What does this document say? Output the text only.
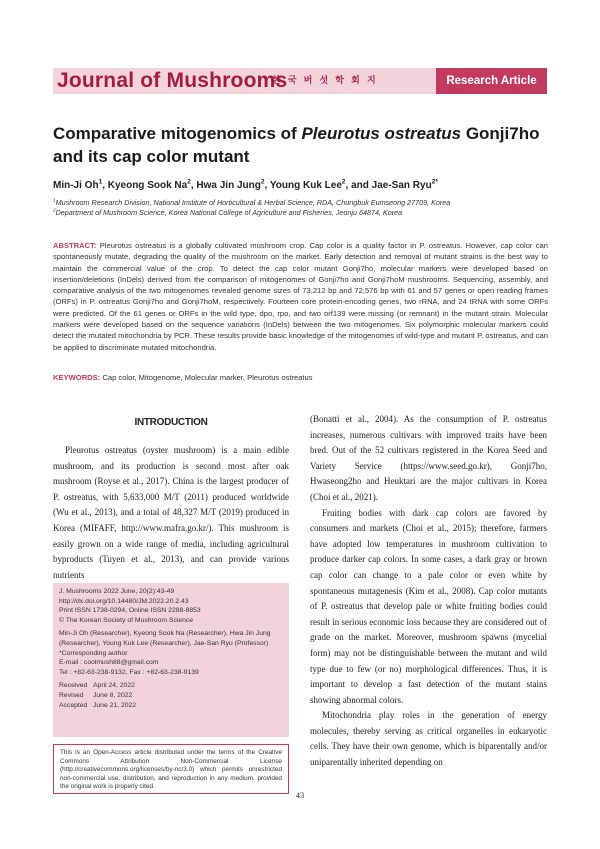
Journal of Mushrooms
한 국 버 섯 학 회 지	Research Article
Comparative mitogenomics of Pleurotus ostreatus Gonji7ho and its cap color mutant
Min-Ji Oh$^1$, Kyeong Sook Na$^2$, Hwa Jin Jung$^2$, Young Kuk Lee$^2$, and Jae-San Ryu$^{2*}$
$^1$Mushroom Research Division, National Institute of Horticultural & Herbal Science, RDA, Chungbuk Eumseong 27709, Korea
$^2$Department of Mushroom Science, Korea National College of Agriculture and Fisheries, Jeonju 64874, Korea
ABSTRACT: Pleurotus ostreatus is a globally cultivated mushroom crop. Cap color is a quality factor in P. ostreatus. However, cap color can spontaneously mutate, degrading the quality of the mushroom on the market. Early detection and removal of mutant strains is the best way to maintain the commercial value of the crop. To detect the cap color mutant Gonji7ho, molecular markers were developed based on insertion/deletions (InDels) derived from the comparison of mitogenomes of Gonji7ho and Gonji7hoM mushrooms. Sequencing, assembly, and comparative analysis of the two mitogenomes revealed genome sizes of 73,212 bp and 72,576 bp with 61 and 57 genes or open reading frames (ORFs) in P. ostreatus Gonji7ho and Gonji7hoM, respectively. Fourteen core protein-encoding genes, two rRNA, and 24 tRNA with some ORFs were predicted. Of the 61 genes or ORFs in the wild type, dpo, rpo, and two orf139 were missing (or remnant) in the mutant strain. Molecular markers were developed based on the sequence variations (InDels) between the two mitogenomes. Six polymorphic molecular markers could detect the mutated mitochondria by PCR. These results provide basic knowledge of the mitogenomes of wild-type and mutant P. ostreatus, and can be applied to discriminate mutated mitochondria.
KEYWORDS: Cap color, Mitogenome, Molecular marker, Pleurotus ostreatus
INTRODUCTION

Pleurotus ostreatus (oyster mushroom) is a main edible mushroom, and its production is second most after oak mushroom (Royse et al., 2017). China is the largest producer of P. ostreatus, with 5,633,000 M/T (2011) produced worldwide (Wu et al., 2013), and a total of 48,327 M/T (2019) produced in Korea (MIFAFF, http://www.mafra.go.kr/). This mushroom is easily grown on a wide range of media, including agricultural byproducts (Tuyen et al., 2013), and can provide various nutrients

(Bonatti et al., 2004). As the consumption of P. ostreatus increases, numerous cultivars with improved traits have been bred. Out of the 52 cultivars registered in the Korea Seed and Variety Service (https://www.seed.go.kr), Gonji7ho, Hwaseong2ho and Heuktari are the major cultivars in Korea (Choi et al., 2021).

Fruiting bodies with dark cap colors are favored by consumers and markets (Choi et al., 2015); therefore, farmers have adopted low temperatures in mushroom cultivation to produce darker cap colors. In some cases, a dark gray or brown cap color can change to a pale color or even white by spontaneous mutagenesis (Kim et al., 2008). Cap color mutants of P. ostreatus that develop pale or white fruiting bodies could result in serious economic loss because they are considered out of grade on the market. Moreover, mushroom spawns (mycelial form) may not be distinguishable between the mutant and wild type due to few (or no) morphological differences. Thus, it is important to develop a fast detection of the mutant stains showing abnormal colors.

Mitochondria play roles in the generation of energy molecules, thereby serving as critical organelles in eukaryotic cells. They have their own genome, which is biparentally and/or uniparentally inherited depending on

J. Mushrooms 2022 June, 20(2):43-49
http://dx.doi.org/10.14480/JM.2022.20.2.43
Print ISSN 1738-0294, Online ISSN 2288-8853
© The Korean Society of Mushroom Science
Min-Ji Oh (Researcher), Kyeong Sook Na (Researcher), Hwa Jin Jung (Researcher), Young Kuk Lee (Researcher), Jae-San Ryu (Professor)
*Corresponding author
E-mail : coolmush88@gmail.com
Tel : +82-63-238-9132, Fax : +82-63-238-9139
Received April 24, 2022
Revised June 8, 2022
Accepted June 21, 2022
This is an Open-Access article distributed under the terms of the Creative Commons Attribution Non-Commercial License (http://creativecommons.org/licenses/by-nc/3.0) which permits unrestricted non-commercial use, distribution, and reproduction in any medium, provided the original work is properly cited.
43
